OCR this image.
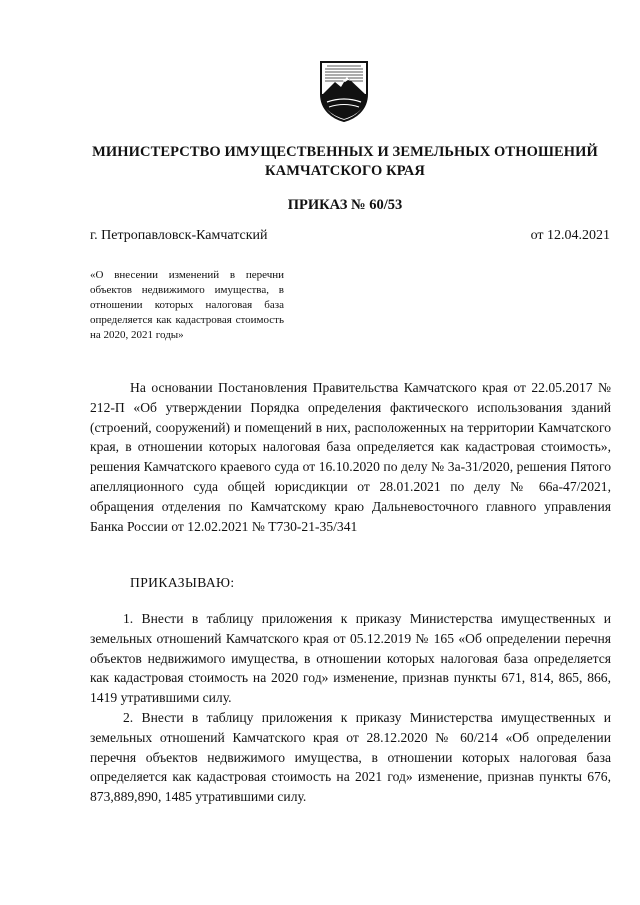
МИНИСТЕРСТВО ИМУЩЕСТВЕННЫХ И ЗЕМЕЛЬНЫХ ОТНОШЕНИЙ
КАМЧАТСКОГО КРАЯ
ПРИКАЗ № 60/53
г. Петропавловск-Камчатский	от 12.04.2021
«О внесении изменений в перечни объектов недвижимого имущества, в отношении которых налоговая база определяется как кадастровая стоимость на 2020, 2021 годы»
На основании Постановления Правительства Камчатского края от 22.05.2017 № 212-П «Об утверждении Порядка определения фактического использования зданий (строений, сооружений) и помещений в них, расположенных на территории Камчатского края, в отношении которых налоговая база определяется как кадастровая стоимость», решения Камчатского краевого суда от 16.10.2020 по делу № 3а-31/2020, решения Пятого апелляционного суда общей юрисдикции от 28.01.2021 по делу № 66а-47/2021, обращения отделения по Камчатскому краю Дальневосточного главного управления Банка России от 12.02.2021 № Т730-21-35/341
ПРИКАЗЫВАЮ:
1. Внести в таблицу приложения к приказу Министерства имущественных и земельных отношений Камчатского края от 05.12.2019 № 165 «Об определении перечня объектов недвижимого имущества, в отношении которых налоговая база определяется как кадастровая стоимость на 2020 год» изменение, признав пункты 671, 814, 865, 866, 1419 утратившими силу.
2. Внести в таблицу приложения к приказу Министерства имущественных и земельных отношений Камчатского края от 28.12.2020 № 60/214 «Об определении перечня объектов недвижимого имущества, в отношении которых налоговая база определяется как кадастровая стоимость на 2021 год» изменение, признав пункты 676, 873,889,890, 1485 утратившими силу.
